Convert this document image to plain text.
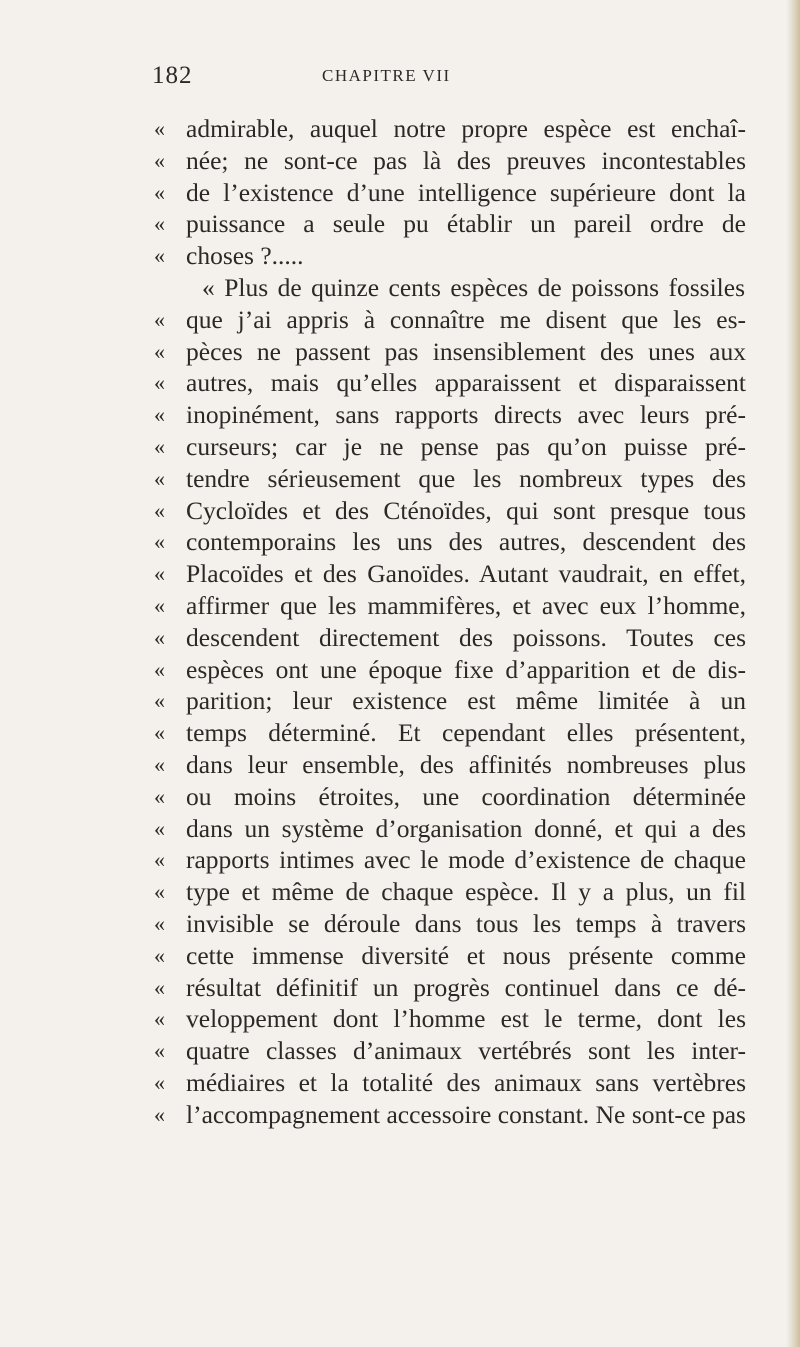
182	CHAPITRE VII
« admirable, auquel notre propre espèce est enchaî-
« née; ne sont-ce pas là des preuves incontestables
« de l’existence d’une intelligence supérieure dont la
« puissance a seule pu établir un pareil ordre de
« choses ?.....
« Plus de quinze cents espèces de poissons fossiles
« que j’ai appris à connaître me disent que les es-
« pèces ne passent pas insensiblement des unes aux
« autres, mais qu’elles apparaissent et disparaissent
« inopinément, sans rapports directs avec leurs pré-
« curseurs; car je ne pense pas qu’on puisse pré-
« tendre sérieusement que les nombreux types des
« Cycloïdes et des Cténoïdes, qui sont presque tous
« contemporains les uns des autres, descendent des
« Placoïdes et des Ganoïdes. Autant vaudrait, en effet,
« affirmer que les mammifères, et avec eux l’homme,
« descendent directement des poissons. Toutes ces
« espèces ont une époque fixe d’apparition et de dis-
« parition; leur existence est même limitée à un
« temps déterminé. Et cependant elles présentent,
« dans leur ensemble, des affinités nombreuses plus
« ou moins étroites, une coordination déterminée
« dans un système d’organisation donné, et qui a des
« rapports intimes avec le mode d’existence de chaque
« type et même de chaque espèce. Il y a plus, un fil
« invisible se déroule dans tous les temps à travers
« cette immense diversité et nous présente comme
« résultat définitif un progrès continuel dans ce dé-
« veloppement dont l’homme est le terme, dont les
« quatre classes d’animaux vertébrés sont les inter-
« médiaires et la totalité des animaux sans vertèbres
« l’accompagnement accessoire constant. Ne sont-ce pas
